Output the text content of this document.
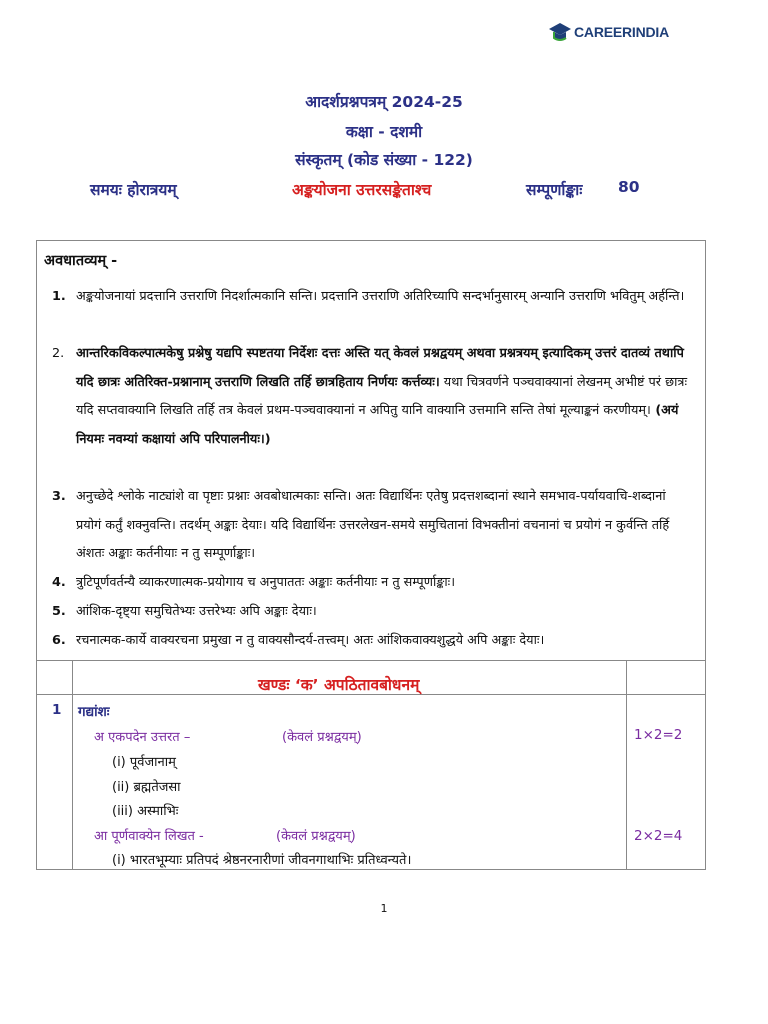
CAREERINDIA
आदर्शप्रश्नपत्रम् 2024-25
कक्षा - दशमी
संस्कृतम् (कोड संख्या - 122)
समयः होरात्रयम्	अङ्कयोजना उत्तरसङ्केताश्च	सम्पूर्णाङ्काः 80
अवधातव्यम् -
1. अङ्कयोजनायां प्रदत्तानि उत्तराणि निदर्शात्मकानि सन्ति। प्रदत्तानि उत्तराणि अतिरिच्यापि सन्दर्भानुसारम् अन्यानि उत्तराणि भवितुम् अर्हन्ति।
2. आन्तरिकविकल्पात्मकेषु प्रश्नेषु यद्यपि स्पष्टतया निर्देशः दत्तः अस्ति यत् केवलं प्रश्नद्वयम् अथवा प्रश्नत्रयम् इत्यादिकम् उत्तरं दातव्यं तथापि यदि छात्रः अतिरिक्त-प्रश्नानाम् उत्तराणि लिखति तर्हि छात्रहिताय निर्णयः कर्त्तव्यः। यथा चित्रवर्णने पञ्चवाक्यानां लेखनम् अभीष्टं परं छात्रः यदि सप्तवाक्यानि लिखति तर्हि तत्र केवलं प्रथम-पञ्चवाक्यानां न अपितु यानि वाक्यानि उत्तमानि सन्ति तेषां मूल्याङ्कनं करणीयम्। (अयं नियमः नवम्यां कक्षायां अपि परिपालनीयः।)
3. अनुच्छेदे श्लोके नाट्यांशे वा पृष्टाः प्रश्नाः अवबोधात्मकाः सन्ति। अतः विद्यार्थिनः एतेषु प्रदत्तशब्दानां स्थाने समभाव-पर्यायवाचि-शब्दानां प्रयोगं कर्तुं शक्नुवन्ति। तदर्थम् अङ्काः देयाः। यदि विद्यार्थिनः उत्तरलेखन-समये समुचितानां विभक्तीनां वचनानां च प्रयोगं न कुर्वन्ति तर्हि अंशतः अङ्काः कर्तनीयाः न तु सम्पूर्णाङ्काः।
4. त्रुटिपूर्णवर्तन्यै व्याकरणात्मक-प्रयोगाय च अनुपाततः अङ्काः कर्तनीयाः न तु सम्पूर्णाङ्काः।
5. आंशिक-दृष्ट्या समुचितेभ्यः उत्तरेभ्यः अपि अङ्काः देयाः।
6. रचनात्मक-कार्ये वाक्यरचना प्रमुखा न तु वाक्यसौन्दर्य-तत्त्वम्। अतः आंशिकवाक्यशुद्धये अपि अङ्काः देयाः।
खण्डः ‘क’ अपठितावबोधनम्
1 गद्यांशः
अ एकपदेन उत्तरत –	(केवलं प्रश्नद्वयम्)	1×2=2
(i) पूर्वजानाम्
(ii) ब्रह्मतेजसा
(iii) अस्माभिः
आ पूर्णवाक्येन लिखत -	(केवलं प्रश्नद्वयम्)	2×2=4
(i) भारतभूम्याः प्रतिपदं श्रेष्ठनरनारीणां जीवनगाथाभिः प्रतिध्वन्यते।
1
